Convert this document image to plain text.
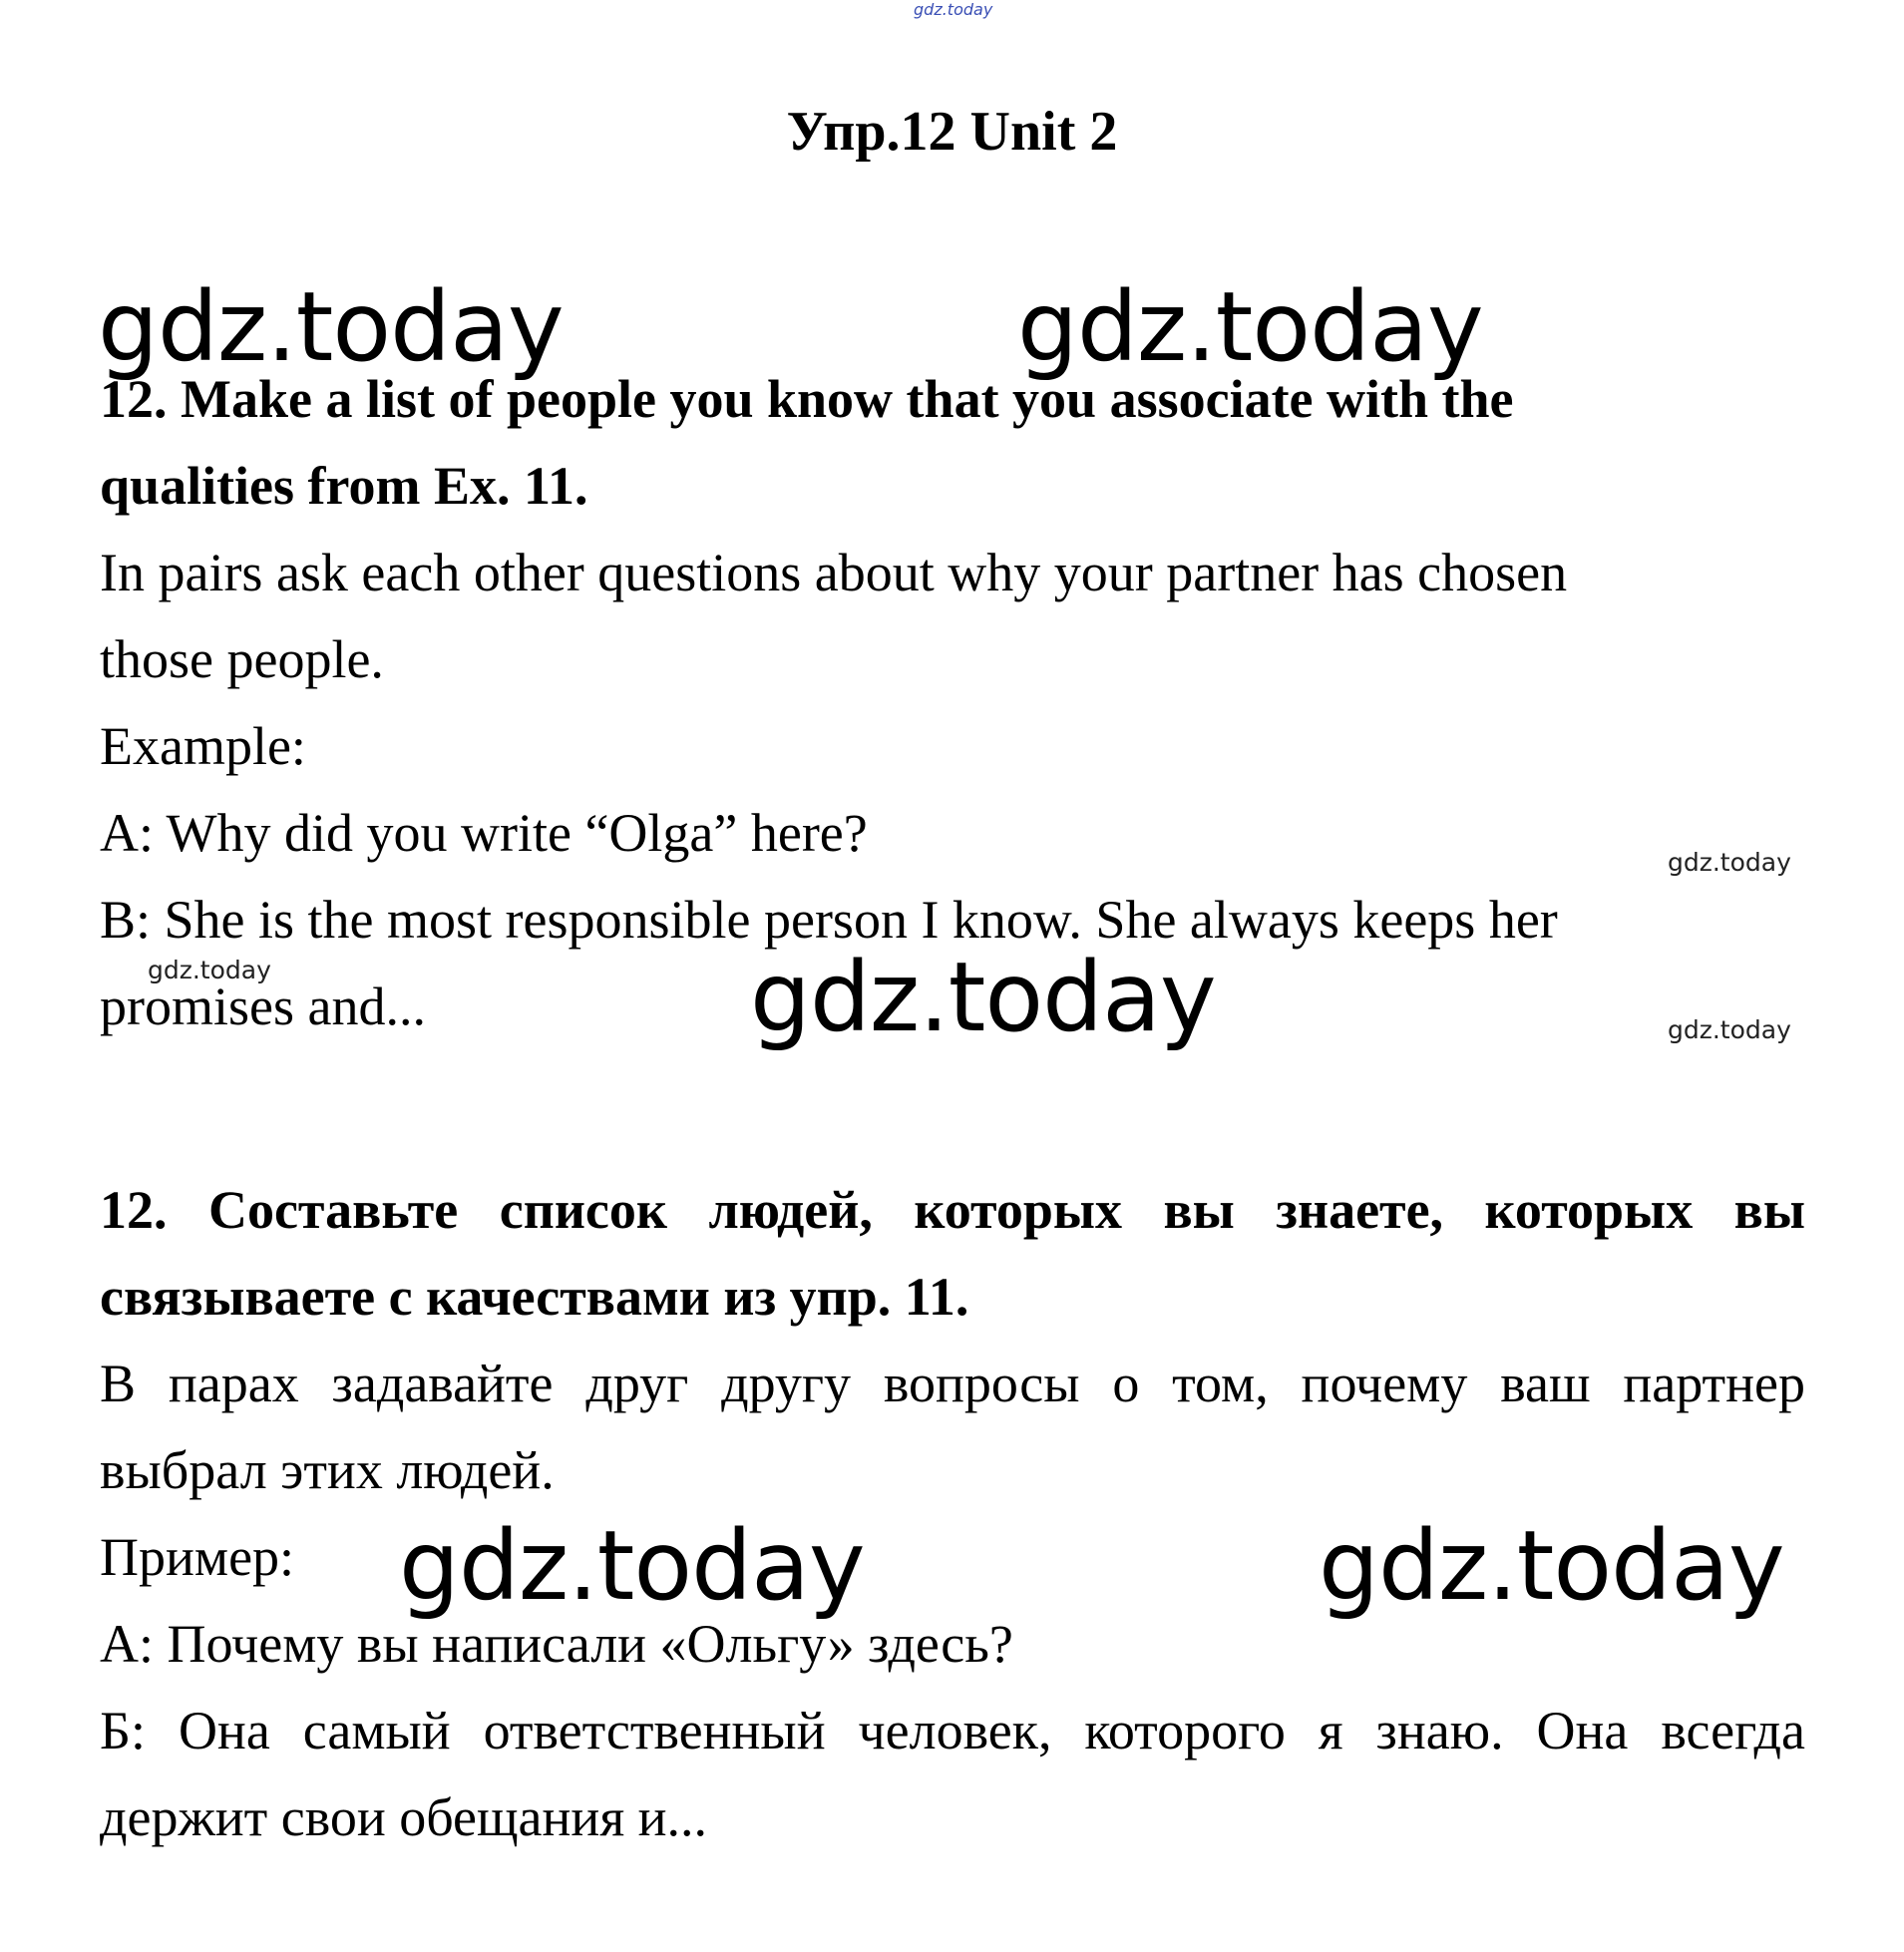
gdz.today
gdz.today	gdz.today
gdz.today
gdz.today	gdz.today
gdz.today
gdz.today
gdz.today
Упр.12 Unit 2
12. Make a list of people you know that you associate with the
qualities from Ex. 11.
In pairs ask each other questions about why your partner has chosen
those people.
Example:
A: Why did you write “Olga” here?
B: She is the most responsible person I know. She always keeps her
promises and...
12. Составьте список людей, которых вы знаете, которых вы
связываете с качествами из упр. 11.
В парах задавайте друг другу вопросы о том, почему ваш партнер
выбрал этих людей.
Пример:
А: Почему вы написали «Ольгу» здесь?
Б: Она самый ответственный человек, которого я знаю. Она всегда
держит свои обещания и...
